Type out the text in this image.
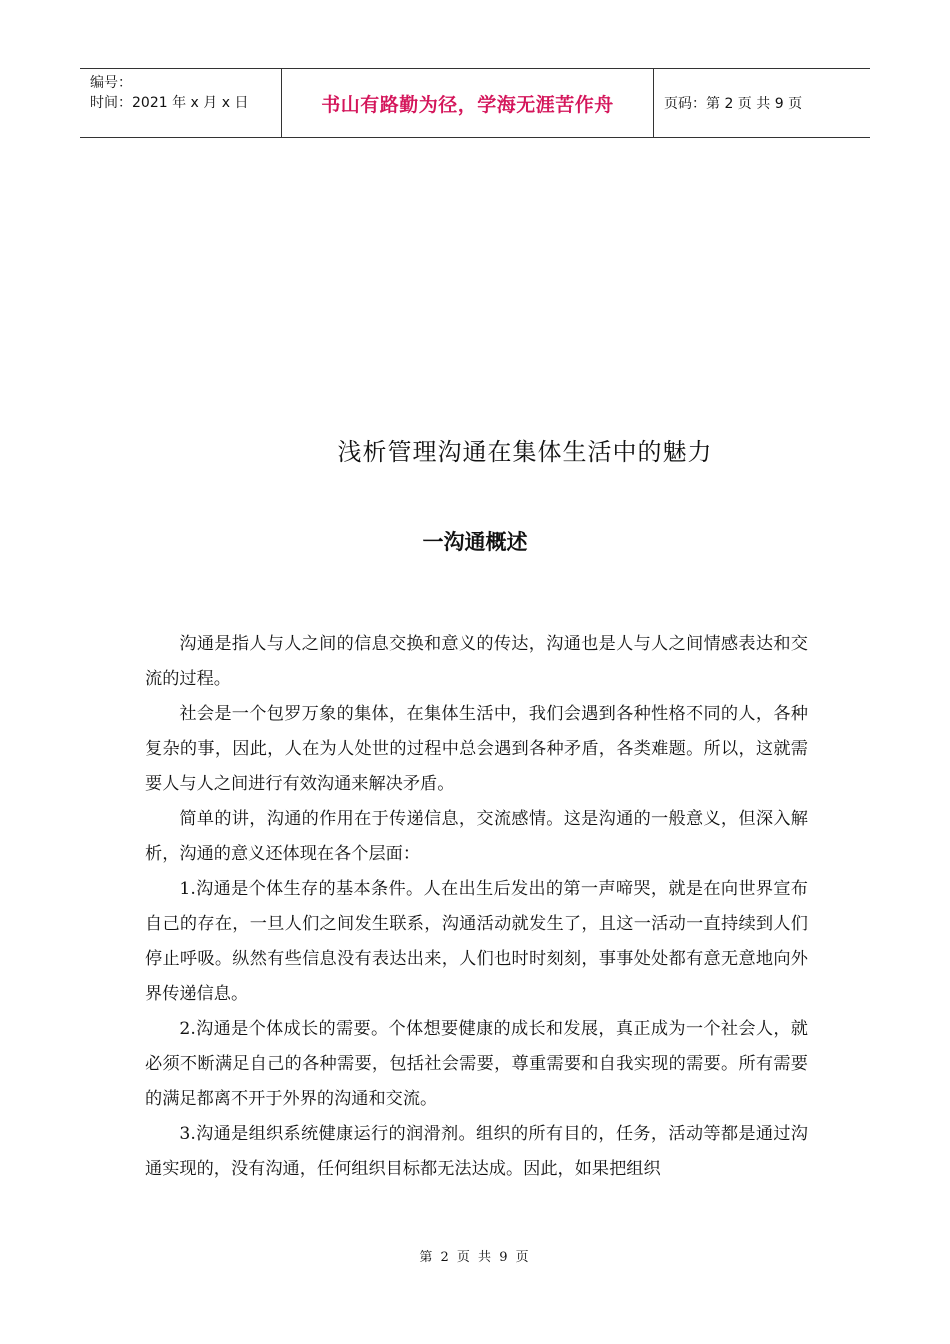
编号：
时间：2021 年 x 月 x 日	书山有路勤为径，学海无涯苦作舟	页码：第 2 页 共 9 页
浅析管理沟通在集体生活中的魅力
一沟通概述

沟通是指人与人之间的信息交换和意义的传达，沟通也是人与人之间情感表达和交流的过程。

社会是一个包罗万象的集体，在集体生活中，我们会遇到各种性格不同的人，各种复杂的事，因此，人在为人处世的过程中总会遇到各种矛盾，各类难题。所以，这就需要人与人之间进行有效沟通来解决矛盾。

简单的讲，沟通的作用在于传递信息，交流感情。这是沟通的一般意义，但深入解析，沟通的意义还体现在各个层面：

1.沟通是个体生存的基本条件。人在出生后发出的第一声啼哭，就是在向世界宣布自己的存在，一旦人们之间发生联系，沟通活动就发生了，且这一活动一直持续到人们停止呼吸。纵然有些信息没有表达出来，人们也时时刻刻，事事处处都有意无意地向外界传递信息。

2.沟通是个体成长的需要。个体想要健康的成长和发展，真正成为一个社会人，就必须不断满足自己的各种需要，包括社会需要，尊重需要和自我实现的需要。所有需要的满足都离不开于外界的沟通和交流。

3.沟通是组织系统健康运行的润滑剂。组织的所有目的，任务，活动等都是通过沟通实现的，没有沟通，任何组织目标都无法达成。因此，如果把组织

第 2 页 共 9 页
